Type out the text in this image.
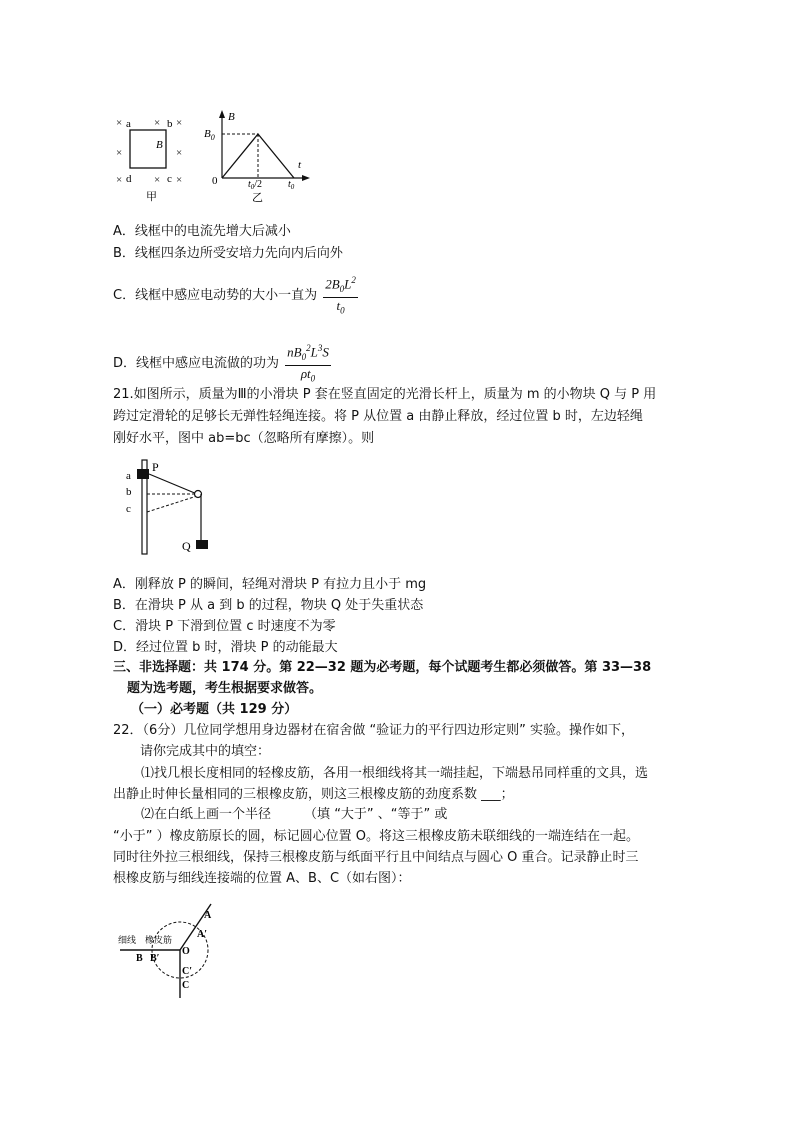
×	× ×
×	×
×	× ×
a	b
d	c
B
甲
B
$B_0$
0
t
$t_0/2$	$t_0$
乙
A．线框中的电流先增大后减小
B．线框四条边所受安培力先向内后向外
C．线框中感应电动势的大小一直为 $\frac{2B_0L^2}{t_0}$
D．线框中感应电流做的功为 $\frac{nB_0^2L^3S}{\rho t_0}$
21.如图所示，质量为Ⅲ的小滑块 P 套在竖直固定的光滑长杆上，质量为 m 的小物块 Q 与 P 用
跨过定滑轮的足够长无弹性轻绳连接。将 P 从位置 a 由静止释放，经过位置 b 时，左边轻绳
刚好水平，图中 ab=bc（忽略所有摩擦）。则
P
a
b
c
Q
A．刚释放 P 的瞬间，轻绳对滑块 P 有拉力且小于 mg
B．在滑块 P 从 a 到 b 的过程，物块 Q 处于失重状态
C．滑块 P 下滑到位置 c 时速度不为零
D．经过位置 b 时，滑块 P 的动能最大
三、非选择题：共 174 分。第 22—32 题为必考题，每个试题考生都必须做答。第 33—38
题为选考题，考生根据要求做答。
（一）必考题（共 129 分）
22．（6分）几位同学想用身边器材在宿舍做 “验证力的平行四边形定则” 实验。操作如下，
请你完成其中的填空：
⑴找几根长度相同的轻橡皮筋，各用一根细线将其一端挂起，下端悬吊同样重的文具，选
出静止时伸长量相同的三根橡皮筋，则这三根橡皮筋的劲度系数 ___；
⑵在白纸上画一个半径        （填 “大于” 、“等于” 或
“小于” ）橡皮筋原长的圆，标记圆心位置 O。将这三根橡皮筋未联细线的一端连结在一起。
同时往外拉三根细线，保持三根橡皮筋与纸面平行且中间结点与圆心 O 重合。记录静止时三
根橡皮筋与细线连接端的位置 A、B、C（如右图）：
细线 橡皮筋
A
A′
B B′
O
C′
C
